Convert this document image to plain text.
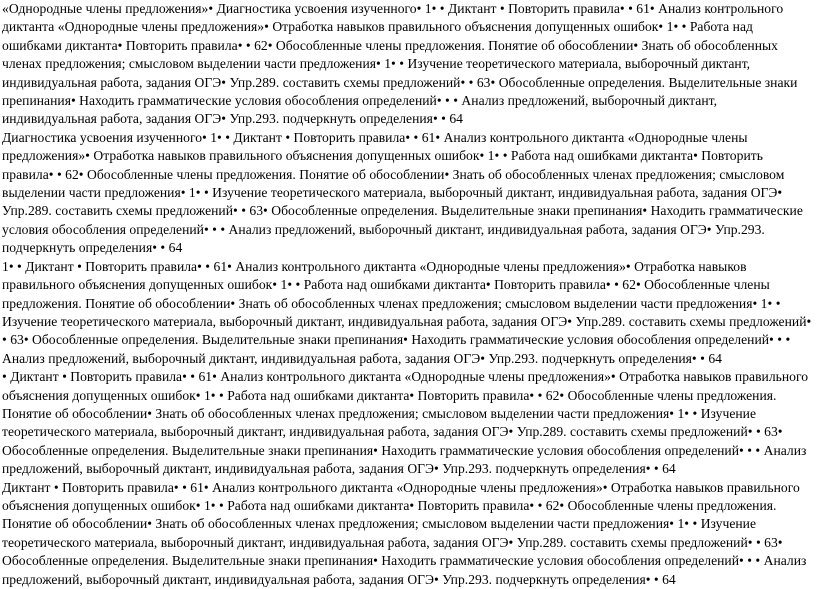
«Однородные члены предложения»• Диагностика усвоения изученного• 1• • Диктант • Повторить правила• • 61• Анализ контрольного диктанта «Однородные члены предложения»• Отработка навыков правильного объяснения допущенных ошибок• 1• • Работа над ошибками диктанта• Повторить правила• • 62• Обособленные члены предложения. Понятие об обособлении• Знать об обособленных членах предложения; смысловом выделении части предложения• 1• • Изучение теоретического материала, выборочный диктант, индивидуальная работа, задания ОГЭ• Упр.289. составить схемы предложений• • 63• Обособленные определения. Выделительные знаки препинания• Находить грамматические условия обособления определений• • • Анализ предложений, выборочный диктант, индивидуальная работа, задания ОГЭ• Упр.293. подчеркнуть определения• • 64

Диагностика усвоения изученного• 1• • Диктант • Повторить правила• • 61• Анализ контрольного диктанта «Однородные члены предложения»• Отработка навыков правильного объяснения допущенных ошибок• 1• • Работа над ошибками диктанта• Повторить правила• • 62• Обособленные члены предложения. Понятие об обособлении• Знать об обособленных членах предложения; смысловом выделении части предложения• 1• • Изучение теоретического материала, выборочный диктант, индивидуальная работа, задания ОГЭ• Упр.289. составить схемы предложений• • 63• Обособленные определения. Выделительные знаки препинания• Находить грамматические условия обособления определений• • • Анализ предложений, выборочный диктант, индивидуальная работа, задания ОГЭ• Упр.293. подчеркнуть определения• • 64

1• • Диктант • Повторить правила• • 61• Анализ контрольного диктанта «Однородные члены предложения»• Отработка навыков правильного объяснения допущенных ошибок• 1• • Работа над ошибками диктанта• Повторить правила• • 62• Обособленные члены предложения. Понятие об обособлении• Знать об обособленных членах предложения; смысловом выделении части предложения• 1• • Изучение теоретического материала, выборочный диктант, индивидуальная работа, задания ОГЭ• Упр.289. составить схемы предложений• • 63• Обособленные определения. Выделительные знаки препинания• Находить грамматические условия обособления определений• • • Анализ предложений, выборочный диктант, индивидуальная работа, задания ОГЭ• Упр.293. подчеркнуть определения• • 64

• Диктант • Повторить правила• • 61• Анализ контрольного диктанта «Однородные члены предложения»• Отработка навыков правильного объяснения допущенных ошибок• 1• • Работа над ошибками диктанта• Повторить правила• • 62• Обособленные члены предложения. Понятие об обособлении• Знать об обособленных членах предложения; смысловом выделении части предложения• 1• • Изучение теоретического материала, выборочный диктант, индивидуальная работа, задания ОГЭ• Упр.289. составить схемы предложений• • 63• Обособленные определения. Выделительные знаки препинания• Находить грамматические условия обособления определений• • • Анализ предложений, выборочный диктант, индивидуальная работа, задания ОГЭ• Упр.293. подчеркнуть определения• • 64

Диктант • Повторить правила• • 61• Анализ контрольного диктанта «Однородные члены предложения»• Отработка навыков правильного объяснения допущенных ошибок• 1• • Работа над ошибками диктанта• Повторить правила• • 62• Обособленные члены предложения. Понятие об обособлении• Знать об обособленных членах предложения; смысловом выделении части предложения• 1• • Изучение теоретического материала, выборочный диктант, индивидуальная работа, задания ОГЭ• Упр.289. составить схемы предложений• • 63• Обособленные определения. Выделительные знаки препинания• Находить грамматические условия обособления определений• • • Анализ предложений, выборочный диктант, индивидуальная работа, задания ОГЭ• Упр.293. подчеркнуть определения• • 64
